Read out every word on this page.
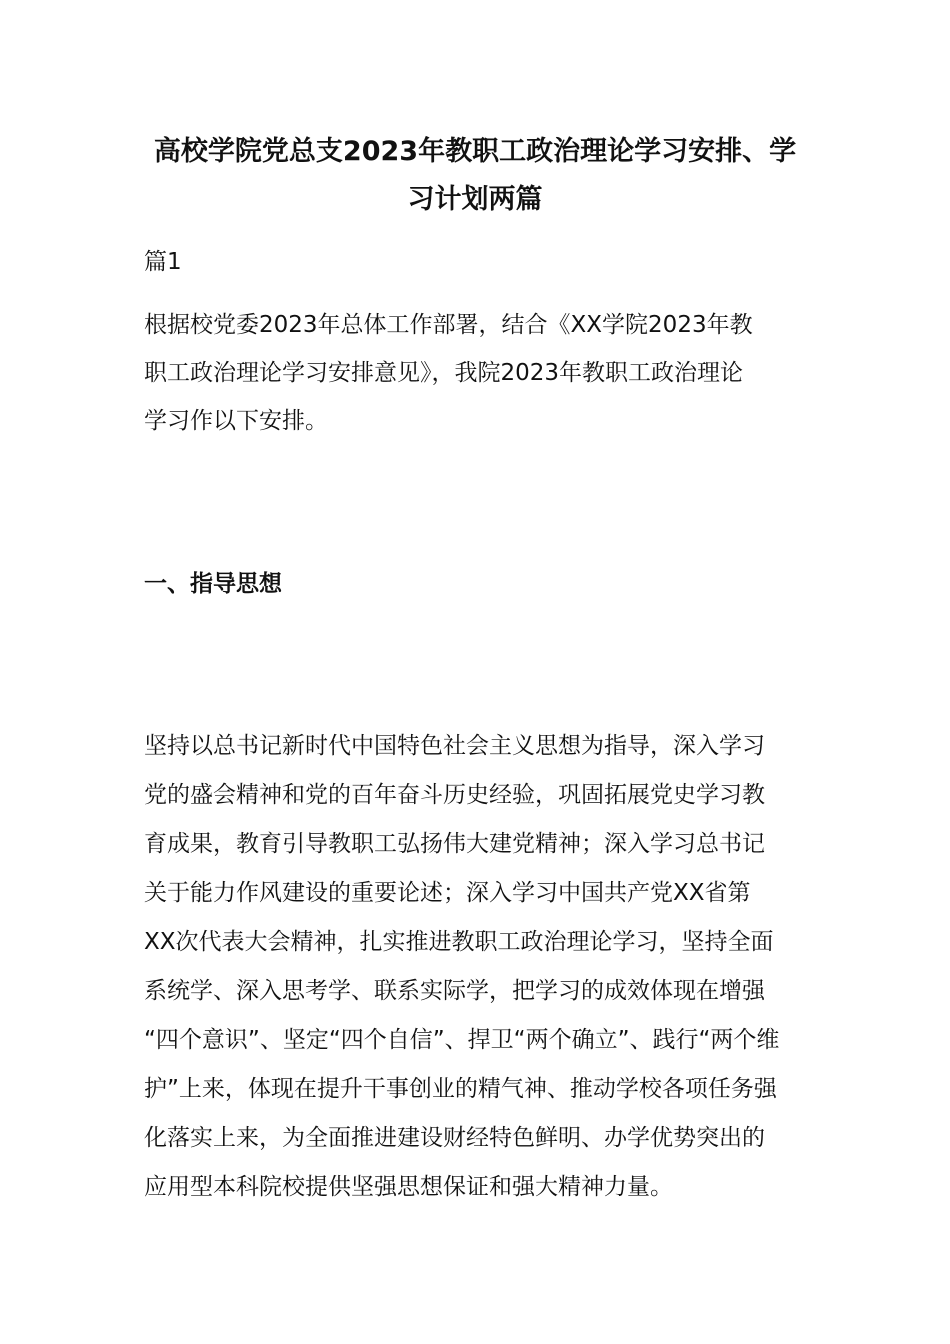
高校学院党总支2023年教职工政治理论学习安排、学
习计划两篇
篇1
根据校党委2023年总体工作部署，结合《XX学院2023年教
职工政治理论学习安排意见》，我院2023年教职工政治理论
学习作以下安排。
一、指导思想
坚持以总书记新时代中国特色社会主义思想为指导，深入学习
党的盛会精神和党的百年奋斗历史经验，巩固拓展党史学习教
育成果，教育引导教职工弘扬伟大建党精神；深入学习总书记
关于能力作风建设的重要论述；深入学习中国共产党XX省第
XX次代表大会精神，扎实推进教职工政治理论学习，坚持全面
系统学、深入思考学、联系实际学，把学习的成效体现在增强
“四个意识”、坚定“四个自信”、捍卫“两个确立”、践行“两个维
护”上来，体现在提升干事创业的精气神、推动学校各项任务强
化落实上来，为全面推进建设财经特色鲜明、办学优势突出的
应用型本科院校提供坚强思想保证和强大精神力量。
